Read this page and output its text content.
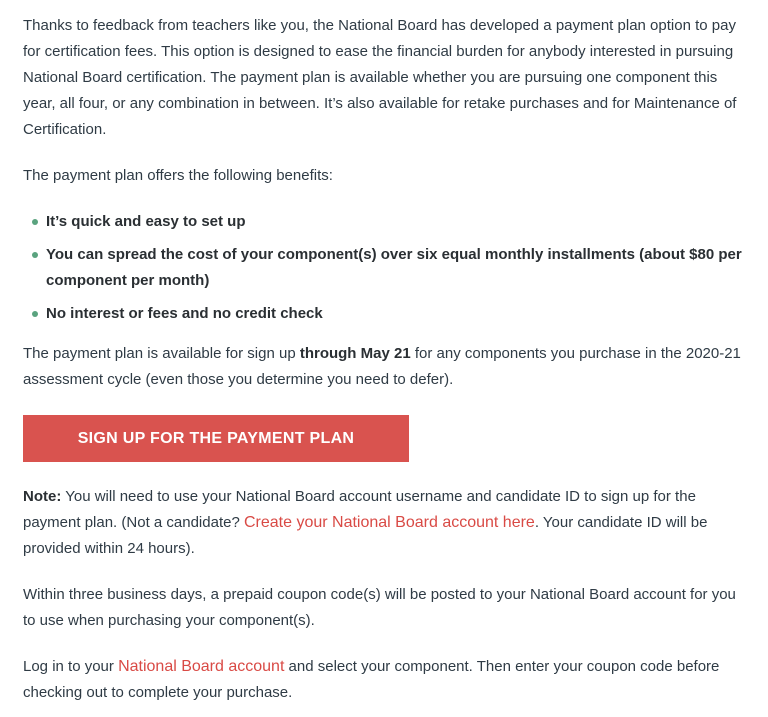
Thanks to feedback from teachers like you, the National Board has developed a payment plan option to pay for certification fees. This option is designed to ease the financial burden for anybody interested in pursuing National Board certification. The payment plan is available whether you are pursuing one component this year, all four, or any combination in between. It’s also available for retake purchases and for Maintenance of Certification.

The payment plan offers the following benefits:

It’s quick and easy to set up
You can spread the cost of your component(s) over six equal monthly installments (about $80 per component per month)
No interest or fees and no credit check

The payment plan is available for sign up through May 21 for any components you purchase in the 2020-21 assessment cycle (even those you determine you need to defer).

SIGN UP FOR THE PAYMENT PLAN

Note: You will need to use your National Board account username and candidate ID to sign up for the payment plan. (Not a candidate? Create your National Board account here. Your candidate ID will be provided within 24 hours).

Within three business days, a prepaid coupon code(s) will be posted to your National Board account for you to use when purchasing your component(s).

Log in to your National Board account and select your component. Then enter your coupon code before checking out to complete your purchase.
